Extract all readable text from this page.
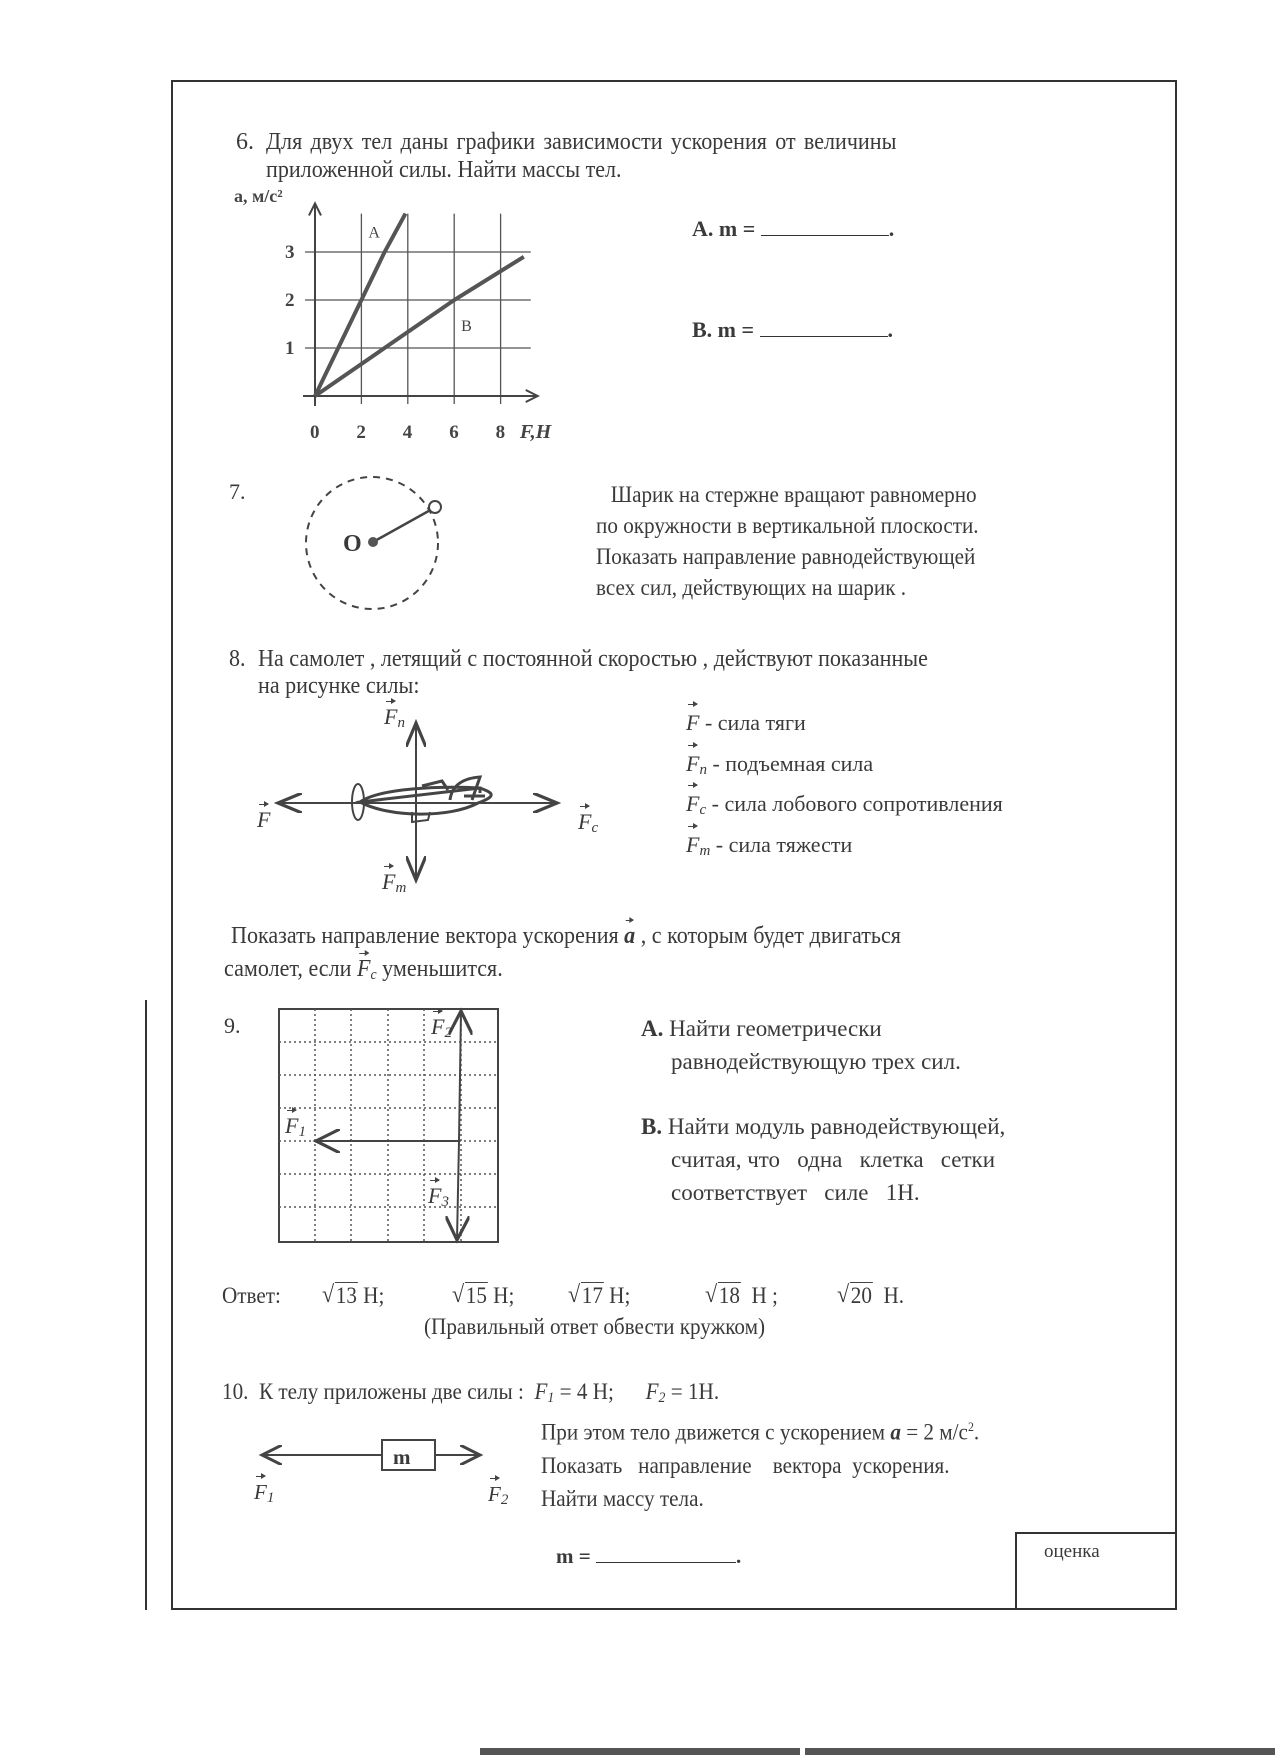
6. Для двух тел даны графики зависимости ускорения от величины
приложенной силы. Найти массы тел.
A
B
0 2 4 6 8
1
2
3
F,H
a, м/с²
A. m =	.
B. m =	.
7.
O
Шарик на стержне вращают равномерно
по окружности в вертикальной плоскости.
Показать направление равнодействующей
всех сил, действующих на шарик .
8. На самолет , летящий с постоянной скоростью , действуют показанные
на рисунке силы:
$F_п$
F	$F_c$
$F_т$
F - сила тяги
$F_п$ - подъемная сила
$F_c$ - сила лобового сопротивления
$F_т$ - сила тяжести
Показать направление вектора ускорения a , с которым будет двигаться
самолет, если $F_c$ уменьшится.
9.	$F_2$
$F_1$
$F_3$
A. Найти геометрически
равнодействующую трех сил.
B. Найти модуль равнодействующей,
считая, что   одна   клетка   сетки
соответствует   силе   1Н.
Ответ: √ 13 Н;	√ 15 Н; √ 17 Н;	√ 18  Н ; √ 20  Н.
(Правильный ответ обвести кружком)
10. К телу приложены две силы :  $F_1 = 4$ Н;      $F_2 = 1Н$.
m
$F_1$	$F_2$
При этом тело движется с ускорением a = 2 $м/с^2$.
Показать   направление    вектора  ускорения.
Найти массу тела.
m =	.	оценка
